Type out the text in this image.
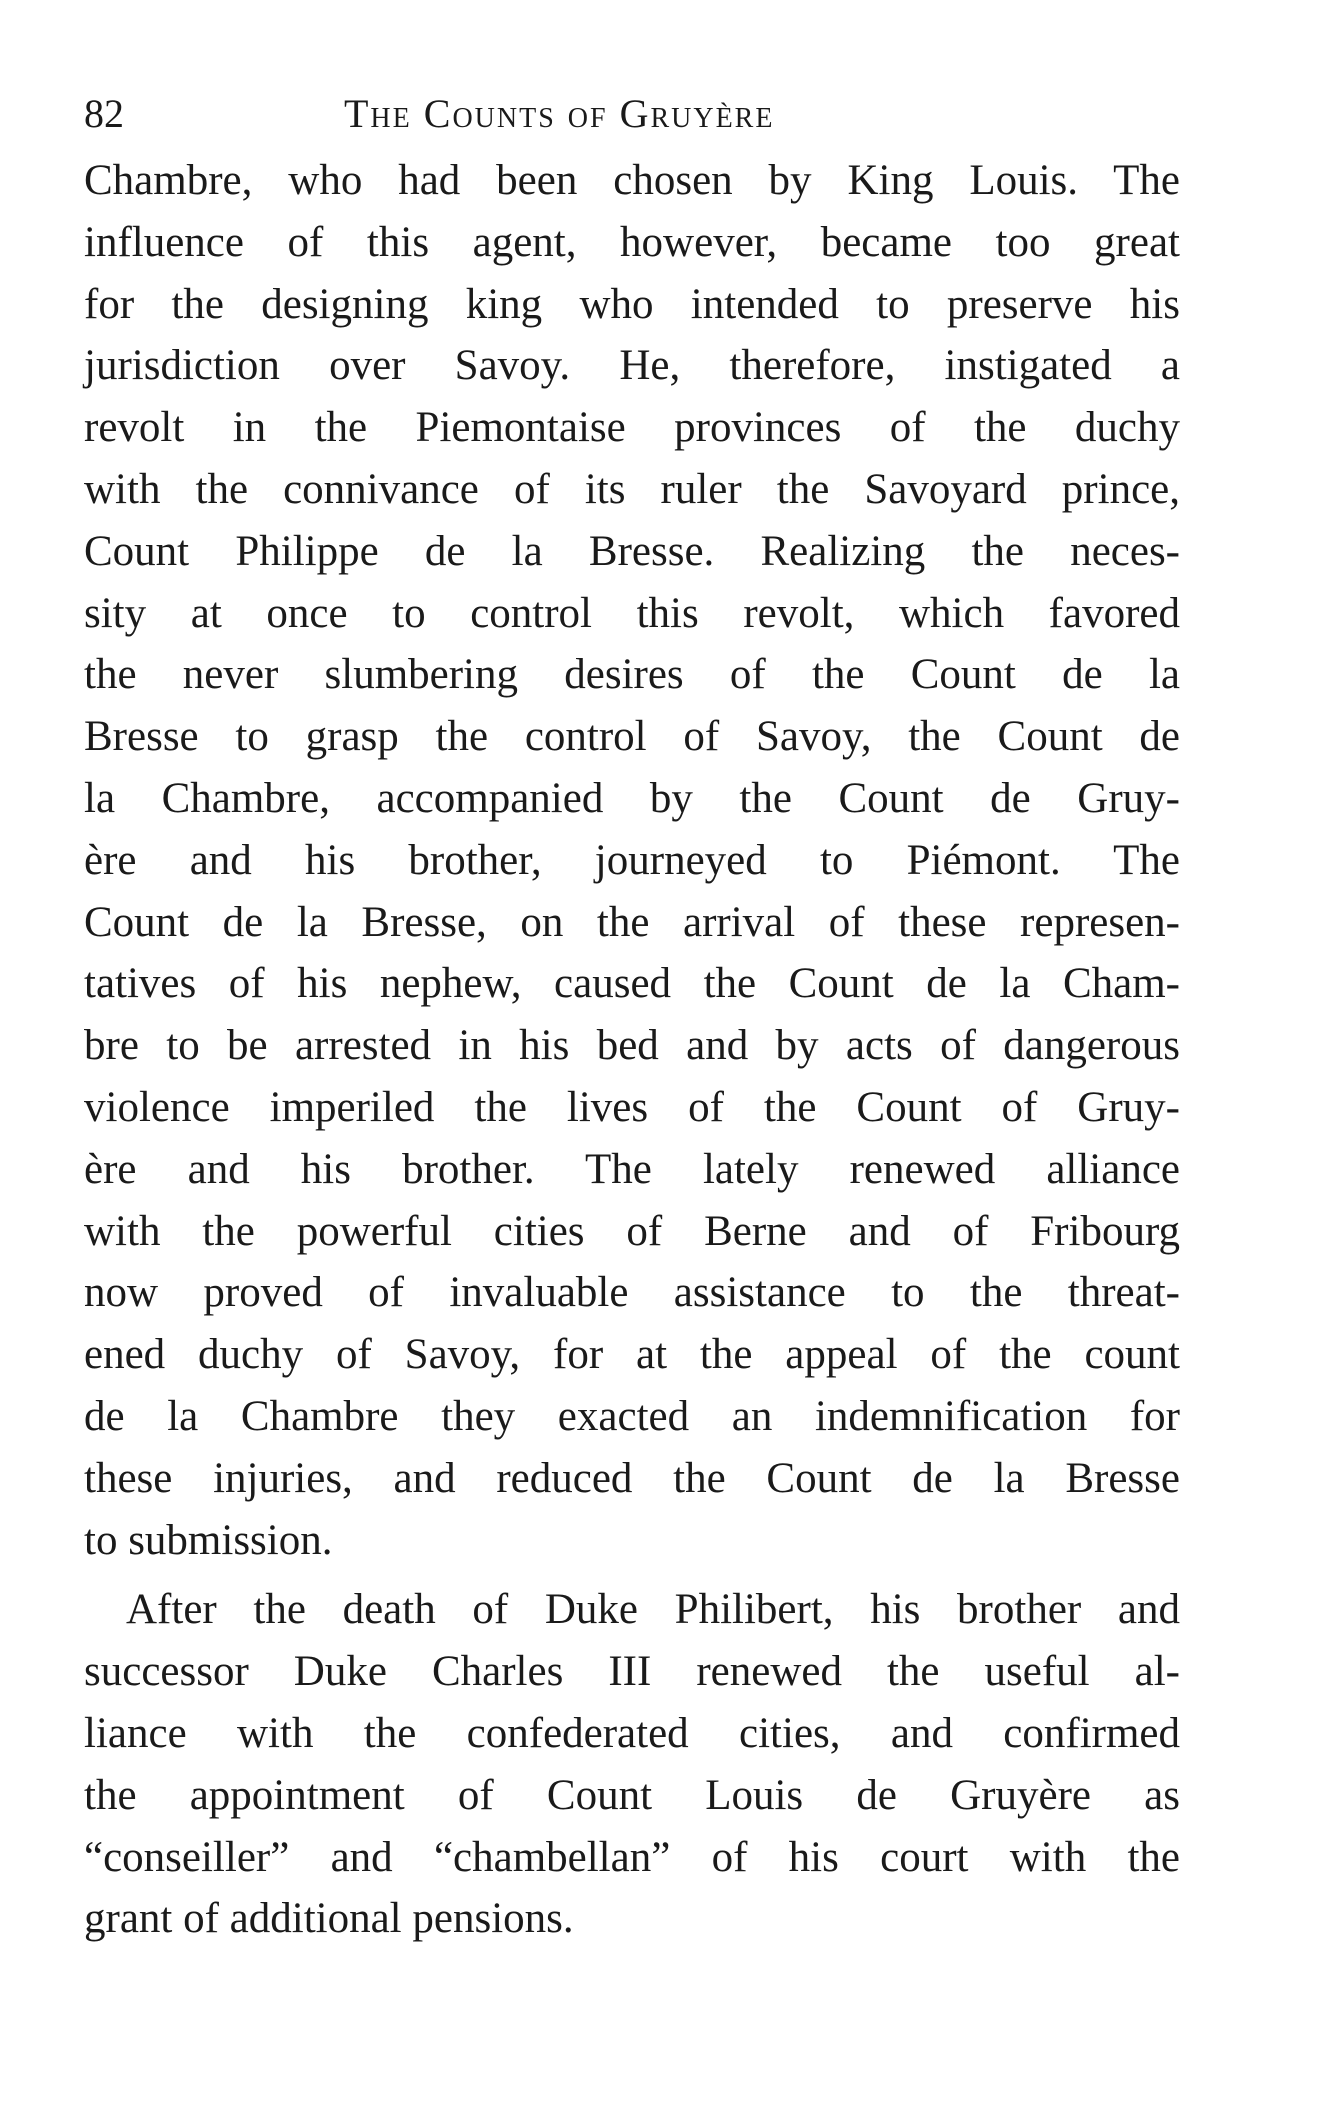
82	The Counts of Gruyère
Chambre, who had been chosen by King Louis. The
influence of this agent, however, became too great
for the designing king who intended to preserve his
jurisdiction over Savoy. He, therefore, instigated a
revolt in the Piemontaise provinces of the duchy
with the connivance of its ruler the Savoyard prince,
Count Philippe de la Bresse. Realizing the neces-
sity at once to control this revolt, which favored
the never slumbering desires of the Count de la
Bresse to grasp the control of Savoy, the Count de
la Chambre, accompanied by the Count de Gruy-
ère and his brother, journeyed to Piémont. The
Count de la Bresse, on the arrival of these represen-
tatives of his nephew, caused the Count de la Cham-
bre to be arrested in his bed and by acts of dangerous
violence imperiled the lives of the Count of Gruy-
ère and his brother. The lately renewed alliance
with the powerful cities of Berne and of Fribourg
now proved of invaluable assistance to the threat-
ened duchy of Savoy, for at the appeal of the count
de la Chambre they exacted an indemnification for
these injuries, and reduced the Count de la Bresse
to submission.
After the death of Duke Philibert, his brother and
successor Duke Charles III renewed the useful al-
liance with the confederated cities, and confirmed
the appointment of Count Louis de Gruyère as
“conseiller” and “chambellan” of his court with the
grant of additional pensions.
